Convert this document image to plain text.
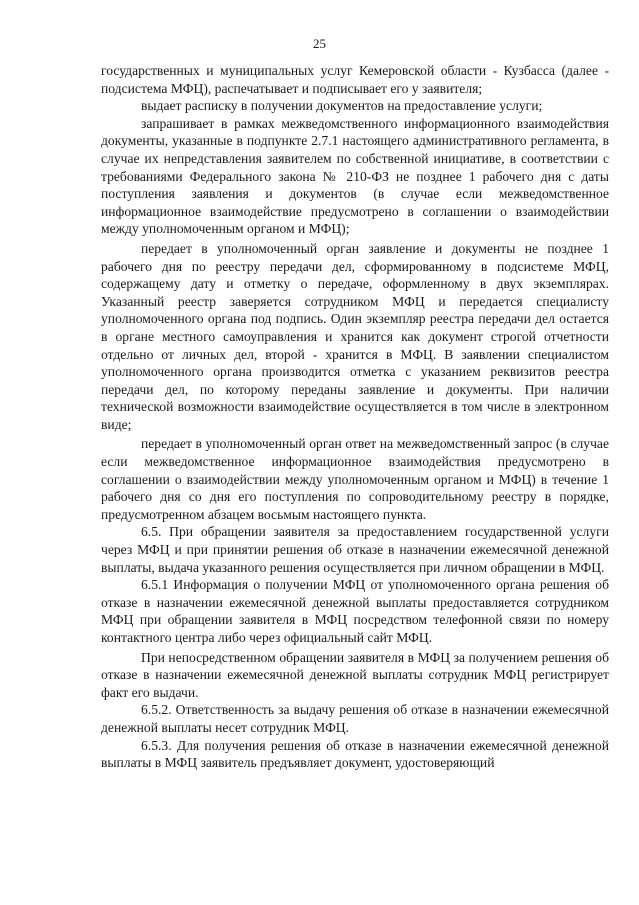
25

государственных и муниципальных услуг Кемеровской области - Кузбасса (далее - подсистема МФЦ), распечатывает и подписывает его у заявителя;

выдает расписку в получении документов на предоставление услуги;

запрашивает в рамках межведомственного информационного взаимодействия документы, указанные в подпункте 2.7.1 настоящего административного регламента, в случае их непредставления заявителем по собственной инициативе, в соответствии с требованиями Федерального закона № 210-ФЗ не позднее 1 рабочего дня с даты поступления заявления и документов (в случае если межведомственное информационное взаимодействие предусмотрено в соглашении о взаимодействии между уполномоченным органом и МФЦ);

передает в уполномоченный орган заявление и документы не позднее 1 рабочего дня по реестру передачи дел, сформированному в подсистеме МФЦ, содержащему дату и отметку о передаче, оформленному в двух экземплярах. Указанный реестр заверяется сотрудником МФЦ и передается специалисту уполномоченного органа под подпись. Один экземпляр реестра передачи дел остается в органе местного самоуправления и хранится как документ строгой отчетности отдельно от личных дел, второй - хранится в МФЦ. В заявлении специалистом уполномоченного органа производится отметка с указанием реквизитов реестра передачи дел, по которому переданы заявление и документы. При наличии технической возможности взаимодействие осуществляется в том числе в электронном виде;

передает в уполномоченный орган ответ на межведомственный запрос (в случае если межведомственное информационное взаимодействия предусмотрено в соглашении о взаимодействии между уполномоченным органом и МФЦ) в течение 1 рабочего дня со дня его поступления по сопроводительному реестру в порядке, предусмотренном абзацем восьмым настоящего пункта.

6.5. При обращении заявителя за предоставлением государственной услуги через МФЦ и при принятии решения об отказе в назначении ежемесячной денежной выплаты, выдача указанного решения осуществляется при личном обращении в МФЦ.

6.5.1 Информация о получении МФЦ от уполномоченного органа решения об отказе в назначении ежемесячной денежной выплаты предоставляется сотрудником МФЦ при обращении заявителя в МФЦ посредством телефонной связи по номеру контактного центра либо через официальный сайт МФЦ.

При непосредственном обращении заявителя в МФЦ за получением решения об отказе в назначении ежемесячной денежной выплаты сотрудник МФЦ регистрирует факт его выдачи.

6.5.2. Ответственность за выдачу решения об отказе в назначении ежемесячной денежной выплаты несет сотрудник МФЦ.

6.5.3. Для получения решения об отказе в назначении ежемесячной денежной выплаты в МФЦ заявитель предъявляет документ, удостоверяющий
